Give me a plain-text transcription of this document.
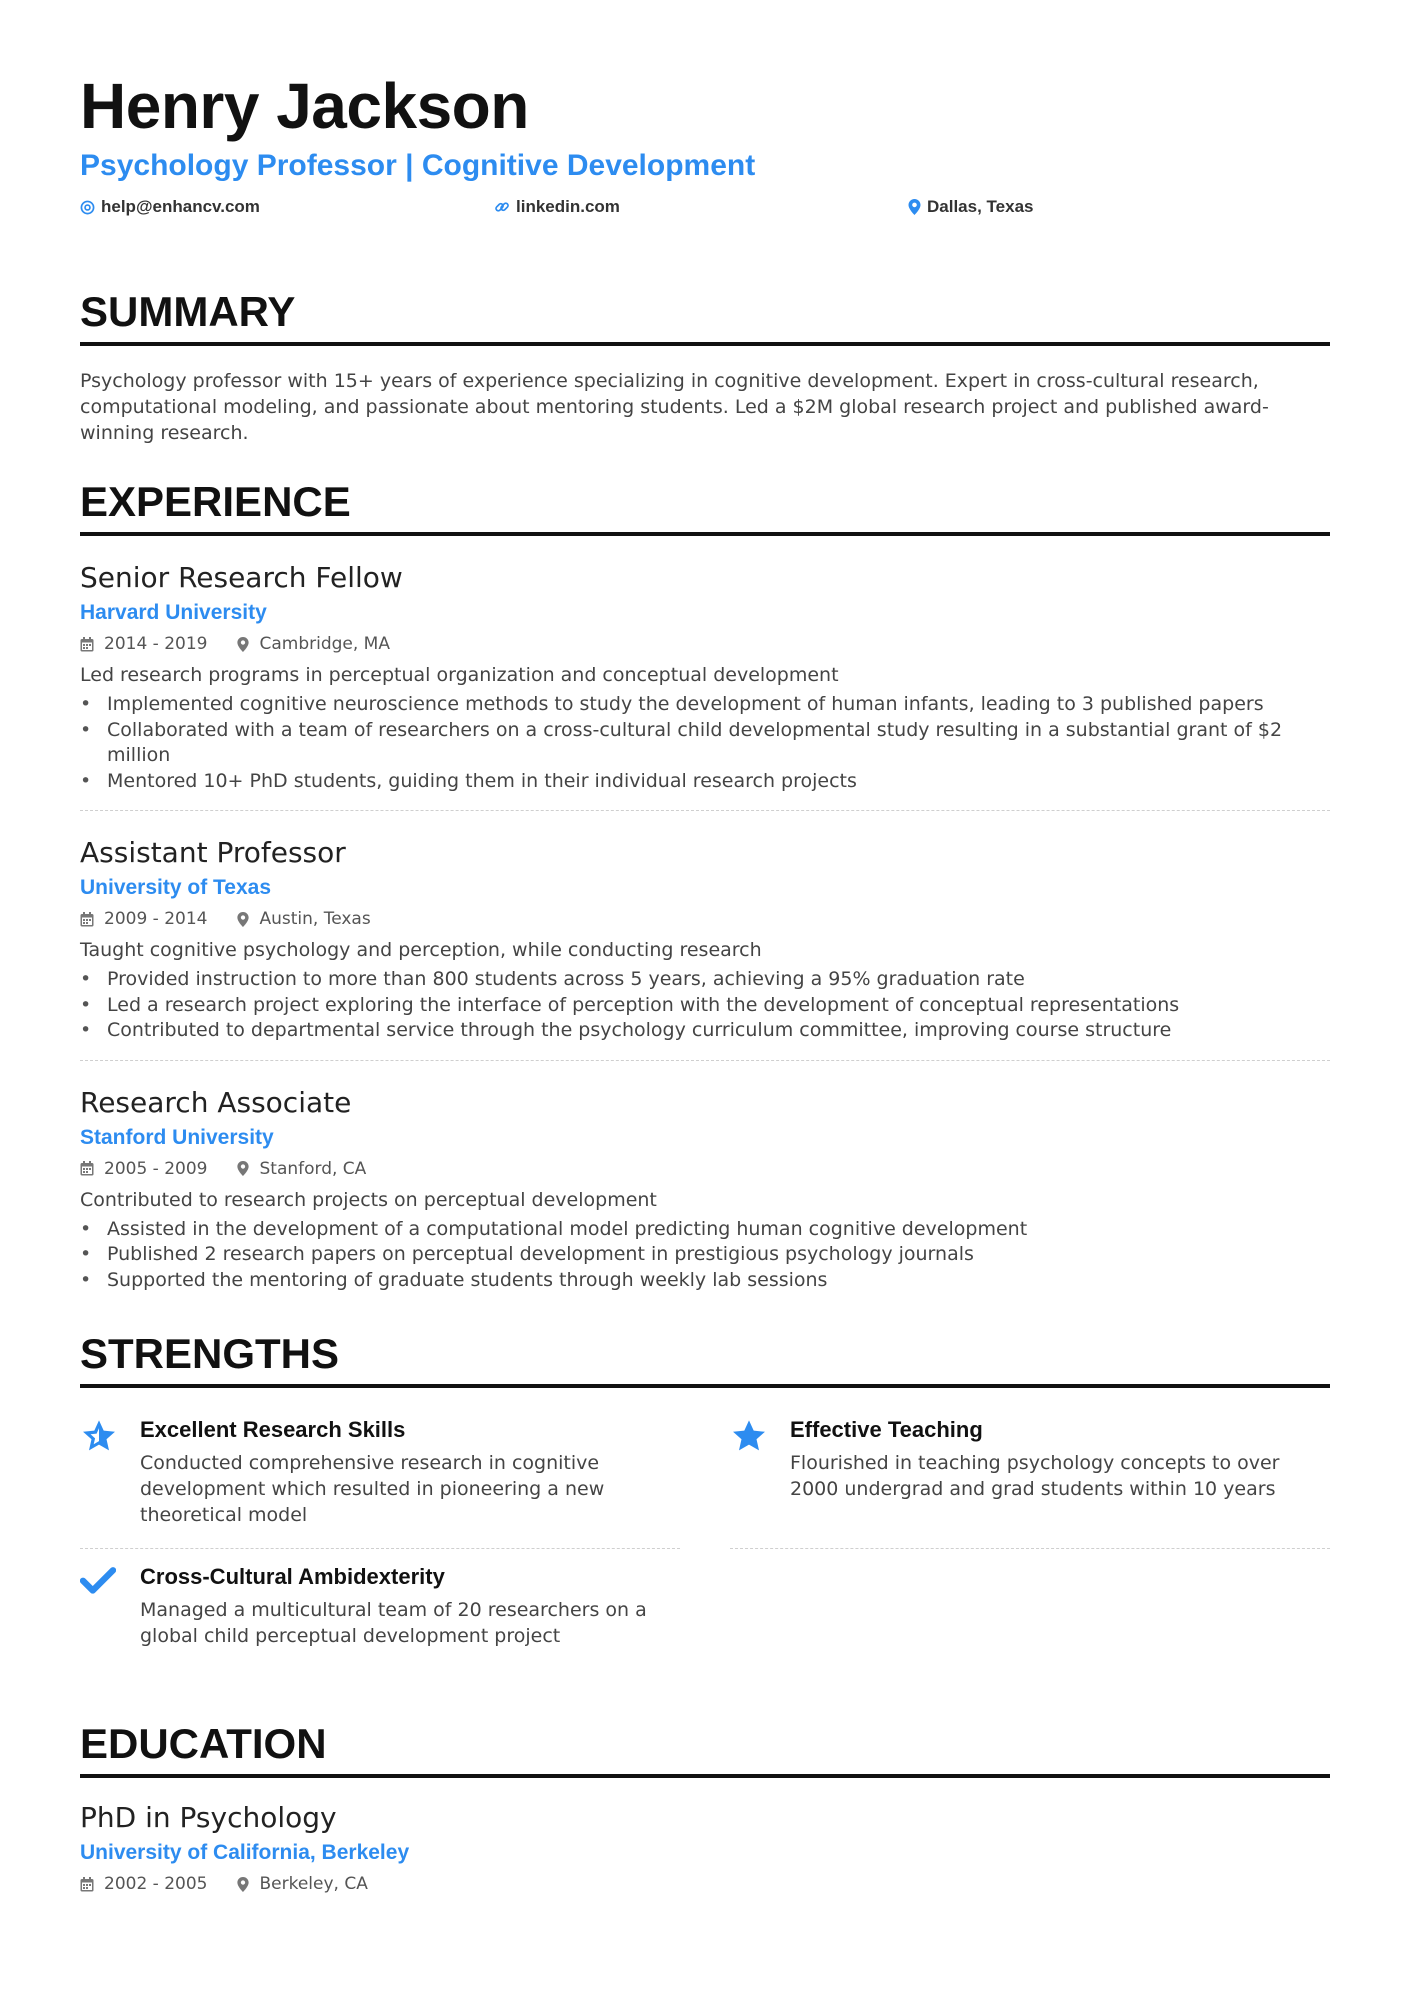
Henry Jackson
Psychology Professor | Cognitive Development
help@enhancv.com	linkedin.com	Dallas, Texas
SUMMARY
Psychology professor with 15+ years of experience specializing in cognitive development. Expert in cross-cultural research, computational modeling, and passionate about mentoring students. Led a $2M global research project and published award-winning research.
EXPERIENCE
Senior Research Fellow
Harvard University
2014 - 2019	Cambridge, MA
Led research programs in perceptual organization and conceptual development
• Implemented cognitive neuroscience methods to study the development of human infants, leading to 3 published papers
• Collaborated with a team of researchers on a cross-cultural child developmental study resulting in a substantial grant of $2 million
• Mentored 10+ PhD students, guiding them in their individual research projects
Assistant Professor
University of Texas
2009 - 2014	Austin, Texas
Taught cognitive psychology and perception, while conducting research
• Provided instruction to more than 800 students across 5 years, achieving a 95% graduation rate
• Led a research project exploring the interface of perception with the development of conceptual representations
• Contributed to departmental service through the psychology curriculum committee, improving course structure
Research Associate
Stanford University
2005 - 2009	Stanford, CA
Contributed to research projects on perceptual development
• Assisted in the development of a computational model predicting human cognitive development
• Published 2 research papers on perceptual development in prestigious psychology journals
• Supported the mentoring of graduate students through weekly lab sessions
STRENGTHS
Excellent Research Skills
Conducted comprehensive research in cognitive development which resulted in pioneering a new theoretical model
Effective Teaching
Flourished in teaching psychology concepts to over 2000 undergrad and grad students within 10 years
Cross-Cultural Ambidexterity
Managed a multicultural team of 20 researchers on a global child perceptual development project
EDUCATION
PhD in Psychology
University of California, Berkeley
2002 - 2005	Berkeley, CA
